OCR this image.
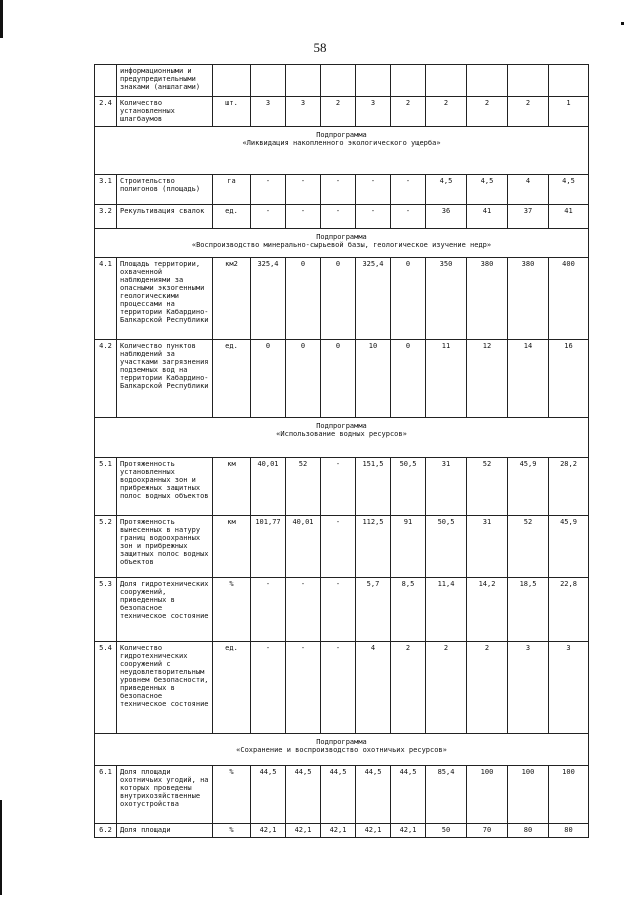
58
	информационными и предупредительными знаками (аншлагами)										
2.4	Количество установленных шлагбаумов	шт.	3	3	2	3	2	2	2	2	1

Подпрограмма
«Ликвидация накопленного экологического ущерба»											

3.1	Строительство полигонов (площадь)	га	-	-	-	-	-	4,5	4,5	4	4,5
3.2	Рекультивация свалок	ед.	-	-	-	-	-	36	41	37	41

Подпрограмма
«Воспроизводство минерально-сырьевой базы, геологическое изучение недр»											

4.1	Площадь территории, охваченной наблюдениями за опасными экзогенными геологическими процессами на территории Кабардино-Балкарской Республики	км2	325,4	0	0	325,4	0	350	380	380	400
4.2	Количество пунктов наблюдений за участками загрязнения подземных вод на территории Кабардино-Балкарской Республики	ед.	0	0	0	10	0	11	12	14	16

Подпрограмма
«Использование водных ресурсов»											

5.1	Протяженность установленных водоохранных зон и прибрежных защитных полос водных объектов	км	40,01	52	-	151,5	50,5	31	52	45,9	28,2
5.2	Протяженность вынесенных в натуру границ водоохранных зон и прибрежных защитных полос водных объектов	км	101,77	40,01	-	112,5	91	50,5	31	52	45,9
5.3	Доля гидротехнических сооружений, приведенных в безопасное техническое состояние	%	-	-	-	5,7	8,5	11,4	14,2	18,5	22,8
5.4	Количество гидротехнических сооружений с неудовлетворительным уровнем безопасности, приведенных в безопасное техническое состояние	ед.	-	-	-	4	2	2	2	3	3

Подпрограмма
«Сохранение и воспроизводство охотничьих ресурсов»											

6.1	Доля площади охотничьих угодий, на которых проведены внутрихозяйственные охотустройства	%	44,5	44,5	44,5	44,5	44,5	85,4	100	100	100
6.2	Доля площади	%	42,1	42,1	42,1	42,1	42,1	50	70	80	80
